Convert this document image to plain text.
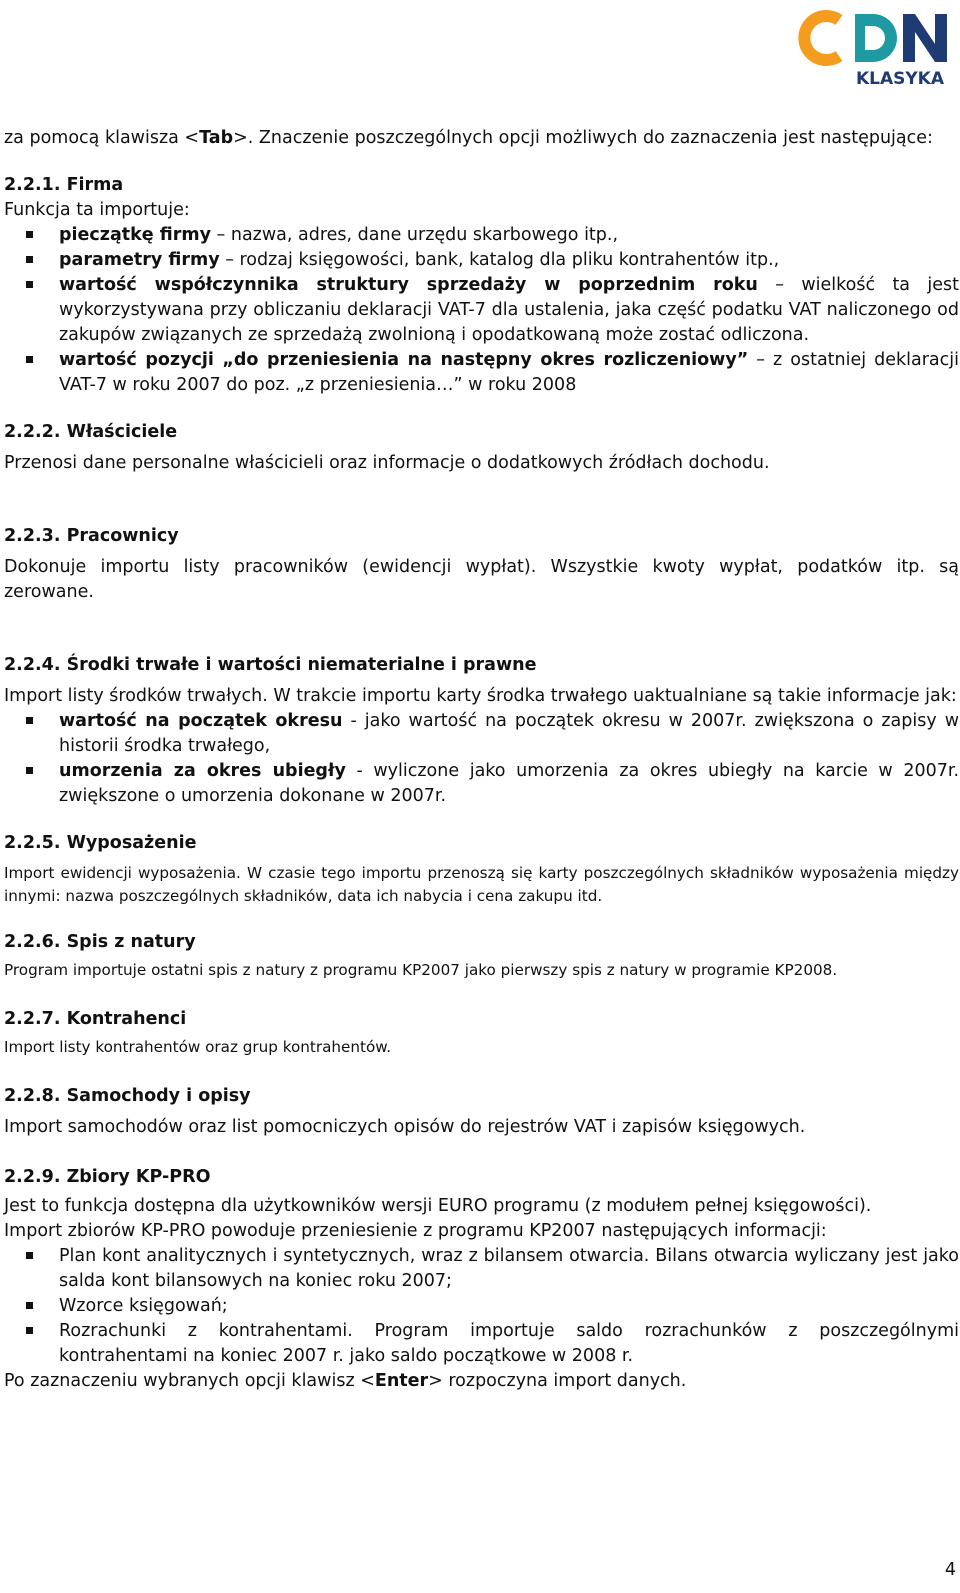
KLASYKA

za pomocą klawisza <Tab>. Znaczenie poszczególnych opcji możliwych do zaznaczenia jest następujące:

2.2.1. Firma

Funkcja ta importuje:

pieczątkę firmy – nazwa, adres, dane urzędu skarbowego itp.,
parametry firmy – rodzaj księgowości, bank, katalog dla pliku kontrahentów itp.,
wartość współczynnika struktury sprzedaży w poprzednim roku – wielkość ta jest wykorzystywana przy obliczaniu deklaracji VAT-7 dla ustalenia, jaka część podatku VAT naliczonego od zakupów związanych ze sprzedażą zwolnioną i opodatkowaną może zostać odliczona.
wartość pozycji „do przeniesienia na następny okres rozliczeniowy” – z ostatniej deklaracji VAT-7 w roku 2007 do poz. „z przeniesienia…” w roku 2008

2.2.2. Właściciele

Przenosi dane personalne właścicieli oraz informacje o dodatkowych źródłach dochodu.

2.2.3. Pracownicy

Dokonuje importu listy pracowników (ewidencji wypłat). Wszystkie kwoty wypłat, podatków itp. są zerowane.

2.2.4. Środki trwałe i wartości niematerialne i prawne

Import listy środków trwałych. W trakcie importu karty środka trwałego uaktualniane są takie informacje jak:

wartość na początek okresu - jako wartość na początek okresu w 2007r. zwiększona o zapisy w historii środka trwałego,
umorzenia za okres ubiegły - wyliczone jako umorzenia za okres ubiegły na karcie w 2007r. zwiększone o umorzenia dokonane w 2007r.

2.2.5. Wyposażenie

Import ewidencji wyposażenia. W czasie tego importu przenoszą się karty poszczególnych składników wyposażenia między innymi: nazwa poszczególnych składników, data ich nabycia i cena zakupu itd.

2.2.6. Spis z natury

Program importuje ostatni spis z natury z programu KP2007 jako pierwszy spis z natury w programie KP2008.

2.2.7. Kontrahenci

Import listy kontrahentów oraz grup kontrahentów.

2.2.8. Samochody i opisy

Import samochodów oraz list pomocniczych opisów do rejestrów VAT i zapisów księgowych.

2.2.9. Zbiory KP-PRO

Jest to funkcja dostępna dla użytkowników wersji EURO programu (z modułem pełnej księgowości).

Import zbiorów KP-PRO powoduje przeniesienie z programu KP2007 następujących informacji:

Plan kont analitycznych i syntetycznych, wraz z bilansem otwarcia. Bilans otwarcia wyliczany jest jako salda kont bilansowych na koniec roku 2007;
Wzorce księgowań;
Rozrachunki z kontrahentami. Program importuje saldo rozrachunków z poszczególnymi kontrahentami na koniec 2007 r. jako saldo początkowe w 2008 r.

Po zaznaczeniu wybranych opcji klawisz <Enter> rozpoczyna import danych.

4
